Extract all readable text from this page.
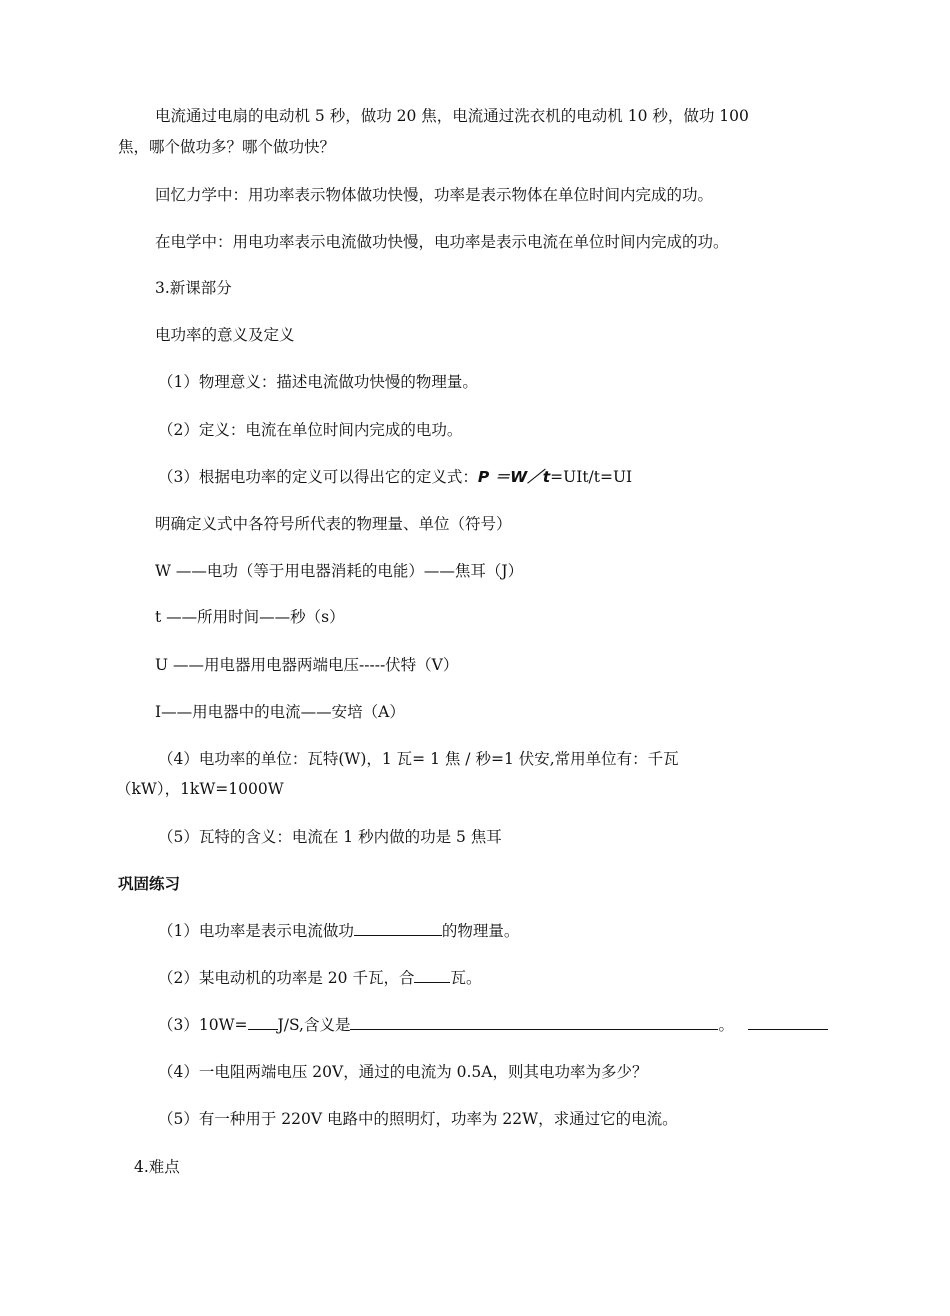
电流通过电扇的电动机 5 秒，做功 20 焦，电流通过洗衣机的电动机 10 秒，做功 100
焦，哪个做功多？哪个做功快？
回忆力学中：用功率表示物体做功快慢，功率是表示物体在单位时间内完成的功。
在电学中：用电功率表示电流做功快慢，电功率是表示电流在单位时间内完成的功。
3.新课部分
电功率的意义及定义
（1）物理意义：描述电流做功快慢的物理量。
（2）定义：电流在单位时间内完成的电功。
（3）根据电功率的定义可以得出它的定义式：P ＝W／t=UIt/t=UI
明确定义式中各符号所代表的物理量、单位（符号）
W ——电功（等于用电器消耗的电能）——焦耳（J）
t ——所用时间——秒（s）
U ——用电器用电器两端电压-----伏特（V）
I——用电器中的电流——安培（A）
（4）电功率的单位：瓦特(W)，1 瓦= 1 焦 / 秒=1 伏安,常用单位有：千瓦
（kW），1kW=1000W
（5）瓦特的含义：电流在 1 秒内做的功是 5 焦耳
巩固练习
（1）电功率是表示电流做功	的物理量。
（2）某电动机的功率是 20 千瓦，合 瓦。
（3）10W= J/S,含义是	。
（4）一电阻两端电压 20V，通过的电流为 0.5A，则其电功率为多少？
（5）有一种用于 220V 电路中的照明灯，功率为 22W，求通过它的电流。
4.难点
